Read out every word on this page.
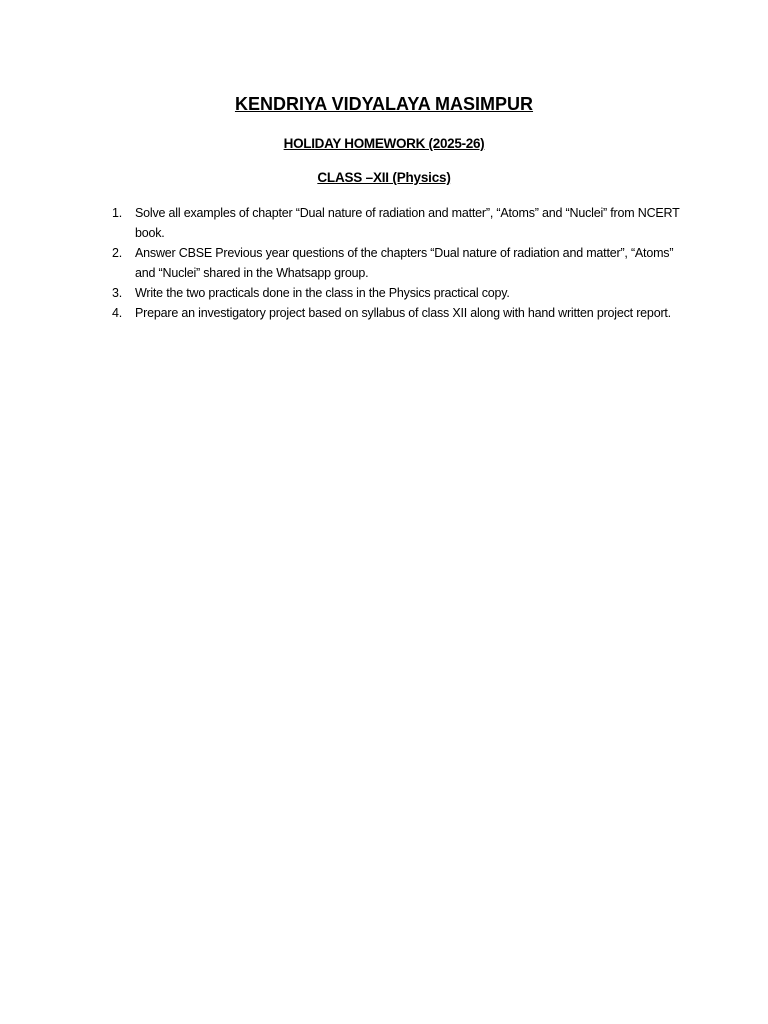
KENDRIYA VIDYALAYA MASIMPUR
HOLIDAY HOMEWORK (2025-26)
CLASS –XII (Physics)
1. Solve all examples of chapter “Dual nature of radiation and matter”, “Atoms” and “Nuclei” from NCERT book.
2. Answer CBSE Previous year questions of the chapters “Dual nature of radiation and matter”, “Atoms” and “Nuclei” shared in the Whatsapp group.
3. Write the two practicals done in the class in the Physics practical copy.
4. Prepare an investigatory project based on syllabus of class XII along with hand written project report.
